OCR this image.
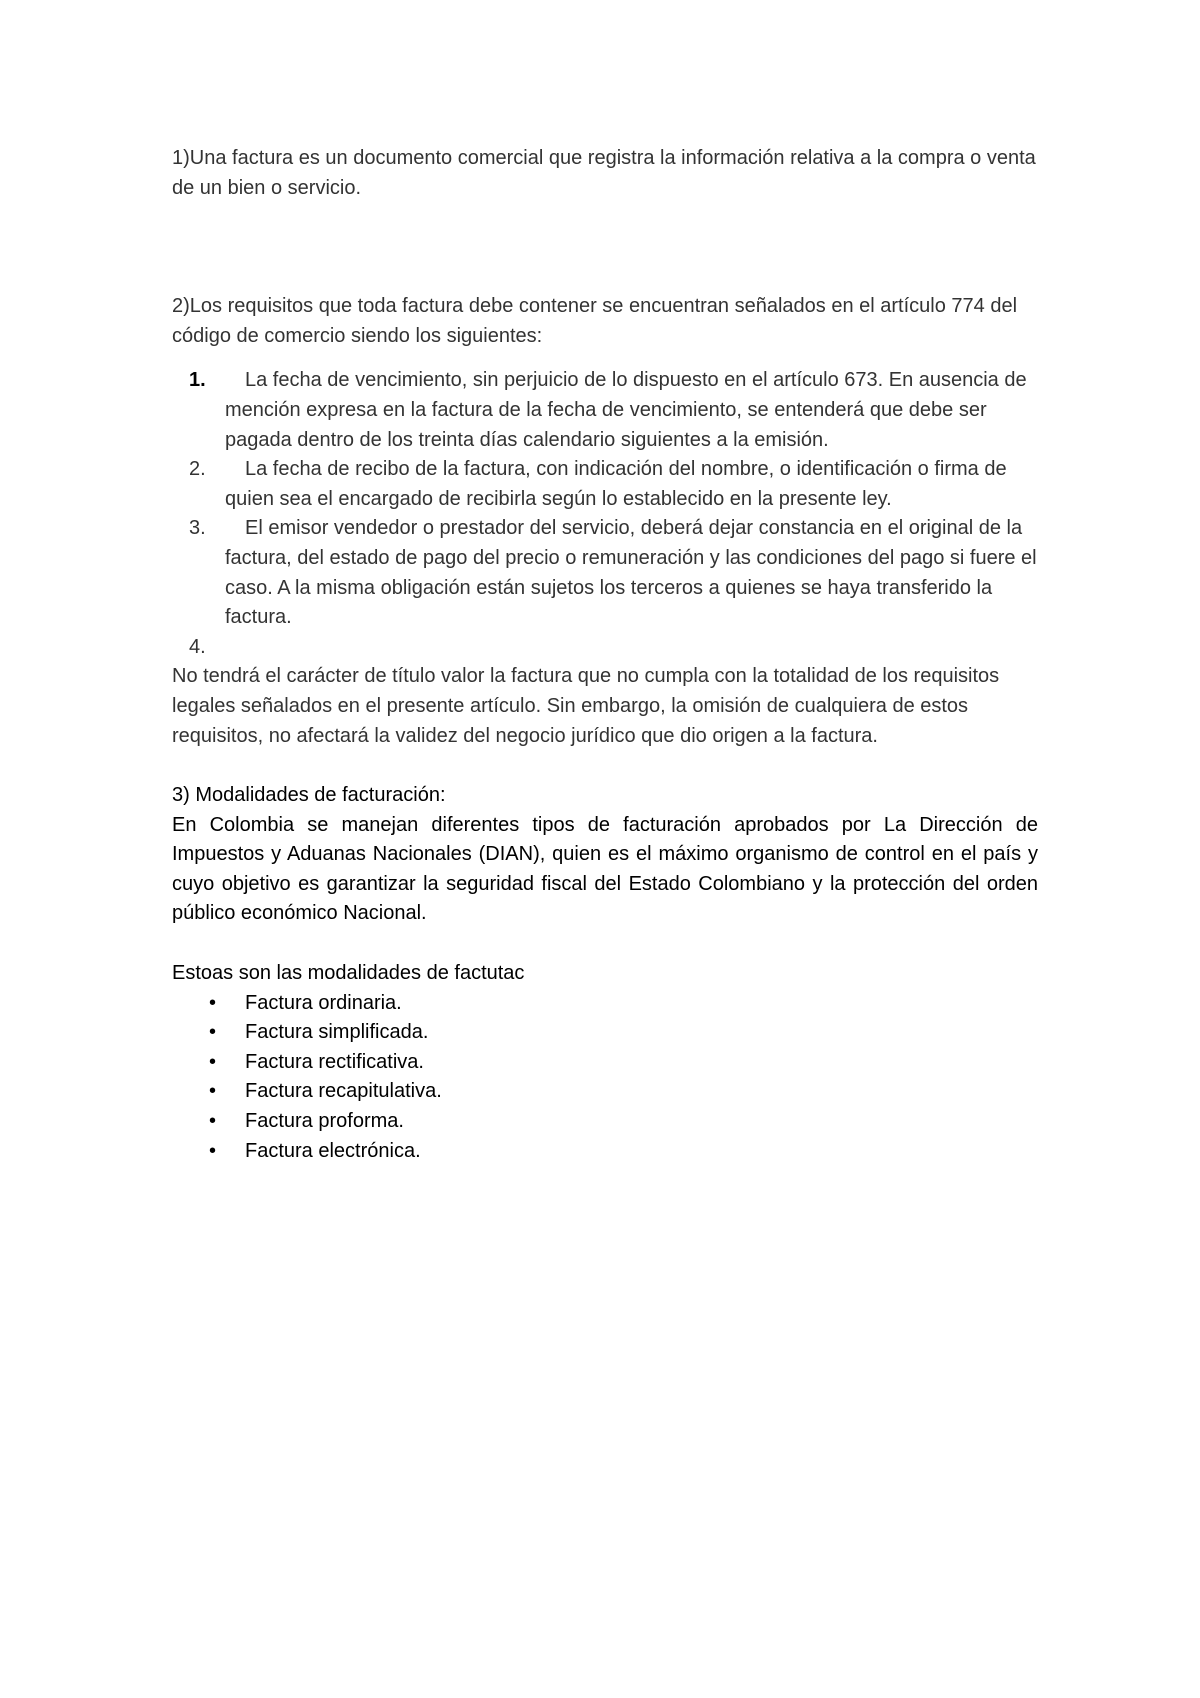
1)Una factura es un documento comercial que registra la información relativa a la compra o venta de un bien o servicio.

2)Los requisitos que toda factura debe contener se encuentran señalados en el artículo 774 del código de comercio siendo los siguientes:

1.	La fecha de vencimiento, sin perjuicio de lo dispuesto en el artículo 673. En ausencia de mención expresa en la factura de la fecha de vencimiento, se entenderá que debe ser pagada dentro de los treinta días calendario siguientes a la emisión.
2.	La fecha de recibo de la factura, con indicación del nombre, o identificación o firma de quien sea el encargado de recibirla según lo establecido en la presente ley.
3.	El emisor vendedor o prestador del servicio, deberá dejar constancia en el original de la factura, del estado de pago del precio o remuneración y las condiciones del pago si fuere el caso. A la misma obligación están sujetos los terceros a quienes se haya transferido la factura.
4.

No tendrá el carácter de título valor la factura que no cumpla con la totalidad de los requisitos legales señalados en el presente artículo. Sin embargo, la omisión de cualquiera de estos requisitos, no afectará la validez del negocio jurídico que dio origen a la factura.

3) Modalidades de facturación:

En Colombia se manejan diferentes tipos de facturación aprobados por La Dirección de Impuestos y Aduanas Nacionales (DIAN), quien es el máximo organismo de control en el país y cuyo objetivo es garantizar la seguridad fiscal del Estado Colombiano y la protección del orden público económico Nacional.

Estoas son las modalidades de factutac

• Factura ordinaria.
• Factura simplificada.
• Factura rectificativa.
• Factura recapitulativa.
• Factura proforma.
• Factura electrónica.
